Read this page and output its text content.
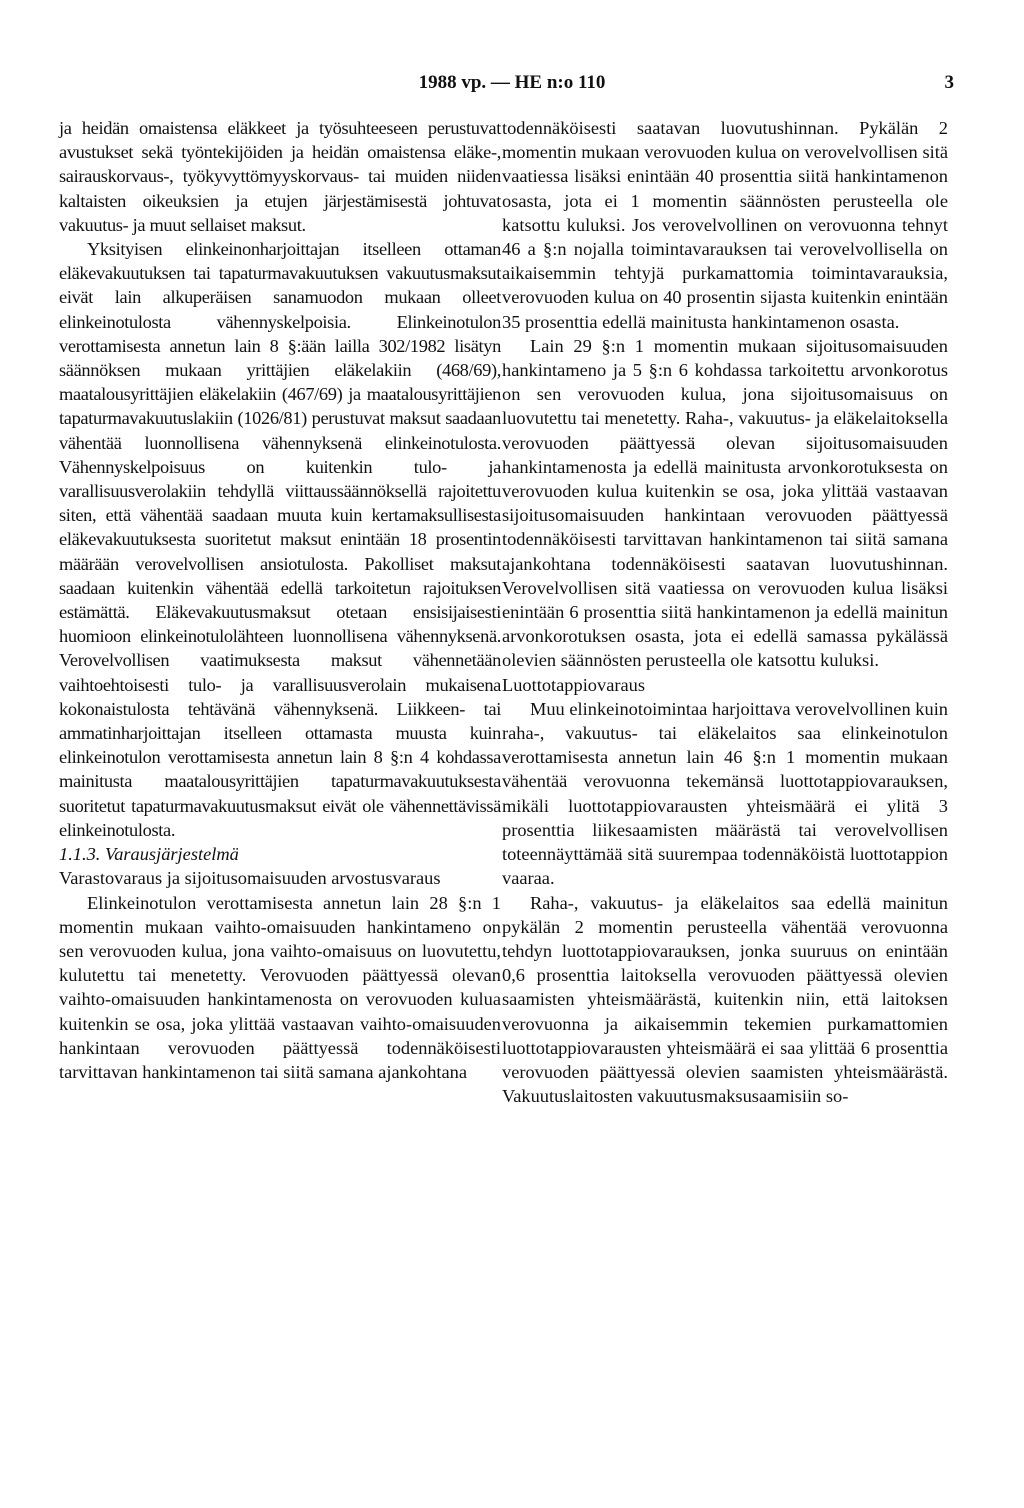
1988 vp. — HE n:o 110	3

ja heidän omaistensa eläkkeet ja työsuhteeseen perustuvat avustukset sekä työntekijöiden ja heidän omaistensa eläke-, sairauskorvaus-, työkyvyttömyyskorvaus- tai muiden niiden kaltaisten oikeuksien ja etujen järjestämisestä johtuvat vakuutus- ja muut sellaiset maksut.

Yksityisen elinkeinonharjoittajan itselleen ottaman eläkevakuutuksen tai tapaturmavakuutuksen vakuutusmaksut eivät lain alkuperäisen sanamuodon mukaan olleet elinkeinotulosta vähennyskelpoisia. Elinkeinotulon verottamisesta annetun lain 8 §:ään lailla 302/1982 lisätyn säännöksen mukaan yrittäjien eläkelakiin (468/69), maatalousyrittäjien eläkelakiin (467/69) ja maatalousyrittäjien tapaturmavakuutuslakiin (1026/81) perustuvat maksut saadaan vähentää luonnollisena vähennyksenä elinkeinotulosta. Vähennyskelpoisuus on kuitenkin tulo- ja varallisuusverolakiin tehdyllä viittaussäännöksellä rajoitettu siten, että vähentää saadaan muuta kuin kertamaksullisesta eläkevakuutuksesta suoritetut maksut enintään 18 prosentin määrään verovelvollisen ansiotulosta. Pakolliset maksut saadaan kuitenkin vähentää edellä tarkoitetun rajoituksen estämättä. Eläkevakuutusmaksut otetaan ensisijaisesti huomioon elinkeinotulolähteen luonnollisena vähennyksenä. Verovelvollisen vaatimuksesta maksut vähennetään vaihtoehtoisesti tulo- ja varallisuusverolain mukaisena kokonaistulosta tehtävänä vähennyksenä. Liikkeen- tai ammatinharjoittajan itselleen ottamasta muusta kuin elinkeinotulon verottamisesta annetun lain 8 §:n 4 kohdassa mainitusta maatalousyrittäjien tapaturmavakuutuksesta suoritetut tapaturmavakuutusmaksut eivät ole vähennettävissä elinkeinotulosta.

1.1.3. Varausjärjestelmä

Varastovaraus ja sijoitusomaisuuden arvostusvaraus

Elinkeinotulon verottamisesta annetun lain 28 §:n 1 momentin mukaan vaihto-omaisuuden hankintameno on sen verovuoden kulua, jona vaihto-omaisuus on luovutettu, kulutettu tai menetetty. Verovuoden päättyessä olevan vaihto-omaisuuden hankintamenosta on verovuoden kulua kuitenkin se osa, joka ylittää vastaavan vaihto-omaisuuden hankintaan verovuoden päättyessä todennäköisesti tarvittavan hankintamenon tai siitä samana ajankohtana

todennäköisesti saatavan luovutushinnan. Pykälän 2 momentin mukaan verovuoden kulua on verovelvollisen sitä vaatiessa lisäksi enintään 40 prosenttia siitä hankintamenon osasta, jota ei 1 momentin säännösten perusteella ole katsottu kuluksi. Jos verovelvollinen on verovuonna tehnyt 46 a §:n nojalla toimintavarauksen tai verovelvollisella on aikaisemmin tehtyjä purkamattomia toimintavarauksia, verovuoden kulua on 40 prosentin sijasta kuitenkin enintään 35 prosenttia edellä mainitusta hankintamenon osasta.

Lain 29 §:n 1 momentin mukaan sijoitusomaisuuden hankintameno ja 5 §:n 6 kohdassa tarkoitettu arvonkorotus on sen verovuoden kulua, jona sijoitusomaisuus on luovutettu tai menetetty. Raha-, vakuutus- ja eläkelaitoksella verovuoden päättyessä olevan sijoitusomaisuuden hankintamenosta ja edellä mainitusta arvonkorotuksesta on verovuoden kulua kuitenkin se osa, joka ylittää vastaavan sijoitusomaisuuden hankintaan verovuoden päättyessä todennäköisesti tarvittavan hankintamenon tai siitä samana ajankohtana todennäköisesti saatavan luovutushinnan. Verovelvollisen sitä vaatiessa on verovuoden kulua lisäksi enintään 6 prosenttia siitä hankintamenon ja edellä mainitun arvonkorotuksen osasta, jota ei edellä samassa pykälässä olevien säännösten perusteella ole katsottu kuluksi.

Luottotappiovaraus

Muu elinkeinotoimintaa harjoittava verovelvollinen kuin raha-, vakuutus- tai eläkelaitos saa elinkeinotulon verottamisesta annetun lain 46 §:n 1 momentin mukaan vähentää verovuonna tekemänsä luottotappiovarauksen, mikäli luottotappiovarausten yhteismäärä ei ylitä 3 prosenttia liikesaamisten määrästä tai verovelvollisen toteennäyttämää sitä suurempaa todennäköistä luottotappion vaaraa.

Raha-, vakuutus- ja eläkelaitos saa edellä mainitun pykälän 2 momentin perusteella vähentää verovuonna tehdyn luottotappiovarauksen, jonka suuruus on enintään 0,6 prosenttia laitoksella verovuoden päättyessä olevien saamisten yhteismäärästä, kuitenkin niin, että laitoksen verovuonna ja aikaisemmin tekemien purkamattomien luottotappiovarausten yhteismäärä ei saa ylittää 6 prosenttia verovuoden päättyessä olevien saamisten yhteismäärästä. Vakuutuslaitosten vakuutusmaksusaamisiin so-
